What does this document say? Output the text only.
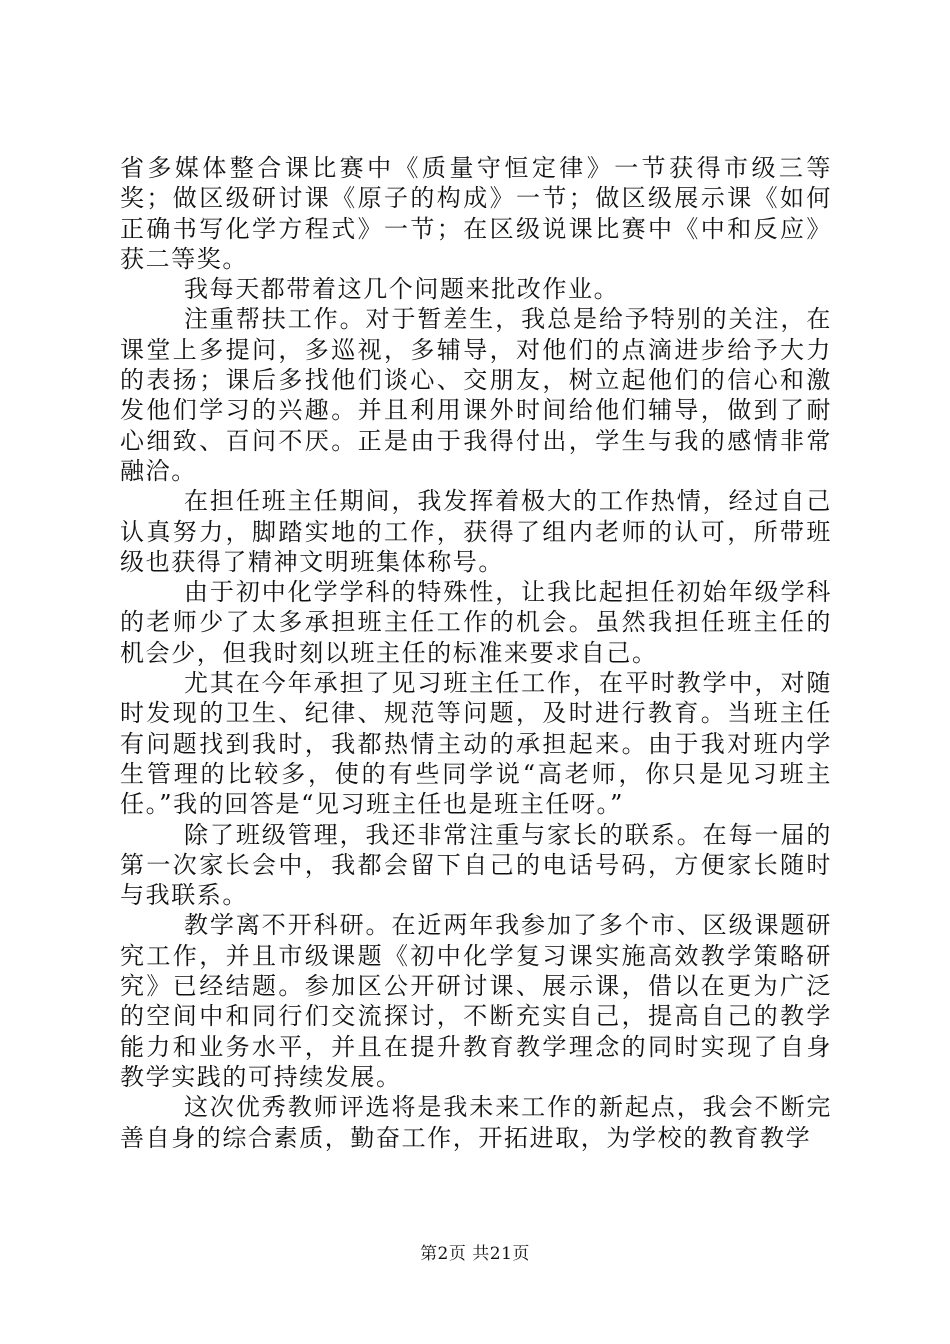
省多媒体整合课比赛中《质量守恒定律》一节获得市级三等奖；做区级研讨课《原子的构成》一节；做区级展示课《如何正确书写化学方程式》一节；在区级说课比赛中《中和反应》获二等奖。

我每天都带着这几个问题来批改作业。

注重帮扶工作。对于暂差生，我总是给予特别的关注，在课堂上多提问，多巡视，多辅导，对他们的点滴进步给予大力的表扬；课后多找他们谈心、交朋友，树立起他们的信心和激发他们学习的兴趣。并且利用课外时间给他们辅导，做到了耐心细致、百问不厌。正是由于我得付出，学生与我的感情非常融洽。

在担任班主任期间，我发挥着极大的工作热情，经过自己认真努力，脚踏实地的工作，获得了组内老师的认可，所带班级也获得了精神文明班集体称号。

由于初中化学学科的特殊性，让我比起担任初始年级学科的老师少了太多承担班主任工作的机会。虽然我担任班主任的机会少，但我时刻以班主任的标准来要求自己。

尤其在今年承担了见习班主任工作，在平时教学中，对随时发现的卫生、纪律、规范等问题，及时进行教育。当班主任有问题找到我时，我都热情主动的承担起来。由于我对班内学生管理的比较多，使的有些同学说“高老师，你只是见习班主任。”我的回答是“见习班主任也是班主任呀。”

除了班级管理，我还非常注重与家长的联系。在每一届的第一次家长会中，我都会留下自己的电话号码，方便家长随时与我联系。

教学离不开科研。在近两年我参加了多个市、区级课题研究工作，并且市级课题《初中化学复习课实施高效教学策略研究》已经结题。参加区公开研讨课、展示课，借以在更为广泛的空间中和同行们交流探讨，不断充实自己，提高自己的教学能力和业务水平，并且在提升教育教学理念的同时实现了自身教学实践的可持续发展。

这次优秀教师评选将是我未来工作的新起点，我会不断完善自身的综合素质，勤奋工作，开拓进取，为学校的教育教学

第2页 共21页
